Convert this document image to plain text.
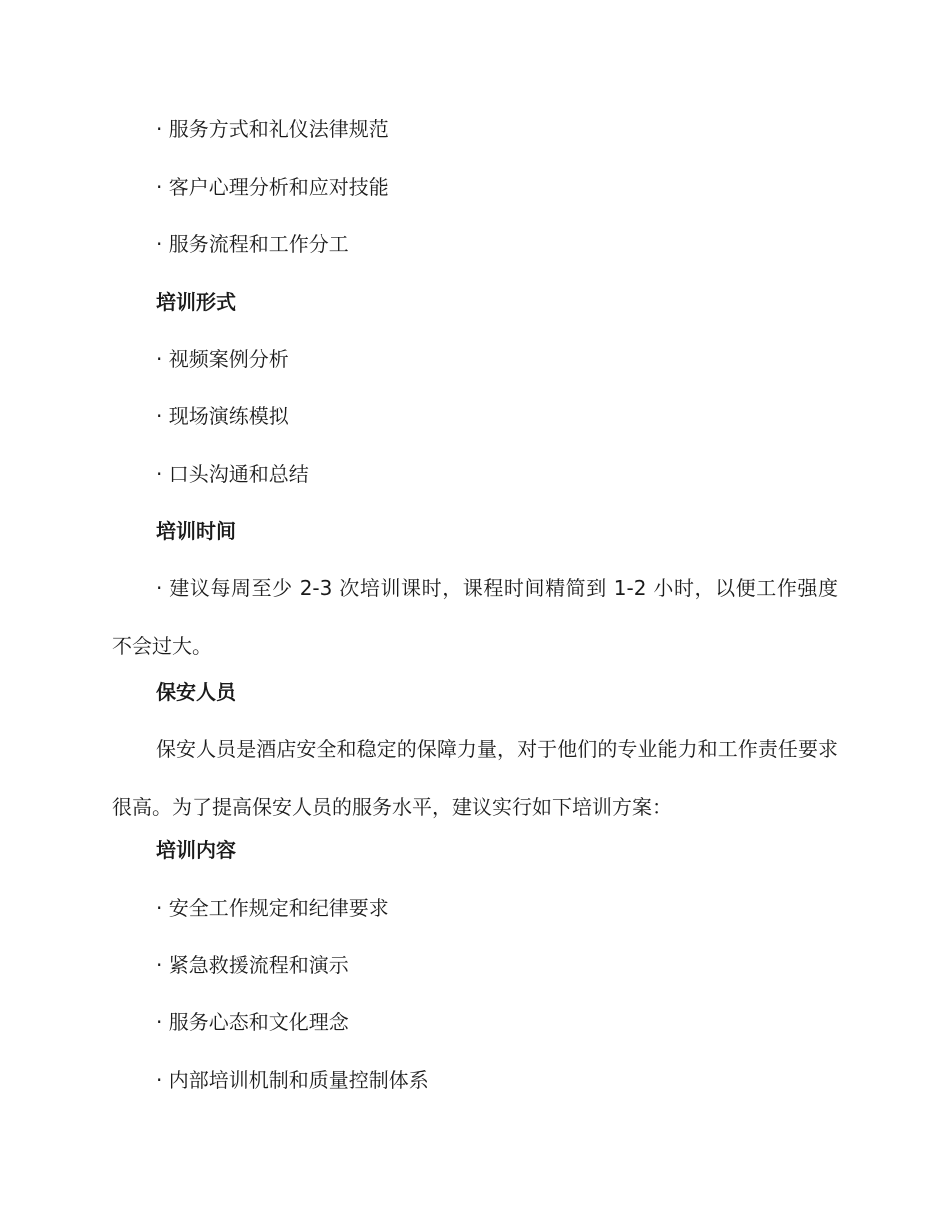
· 服务方式和礼仪法律规范
· 客户心理分析和应对技能
· 服务流程和工作分工
培训形式
· 视频案例分析
· 现场演练模拟
· 口头沟通和总结
培训时间
· 建议每周至少 2-3 次培训课时，课程时间精简到 1-2 小时，以便工作强度不会过大。
保安人员
保安人员是酒店安全和稳定的保障力量，对于他们的专业能力和工作责任要求很高。为了提高保安人员的服务水平，建议实行如下培训方案：
培训内容
· 安全工作规定和纪律要求
· 紧急救援流程和演示
· 服务心态和文化理念
· 内部培训机制和质量控制体系
